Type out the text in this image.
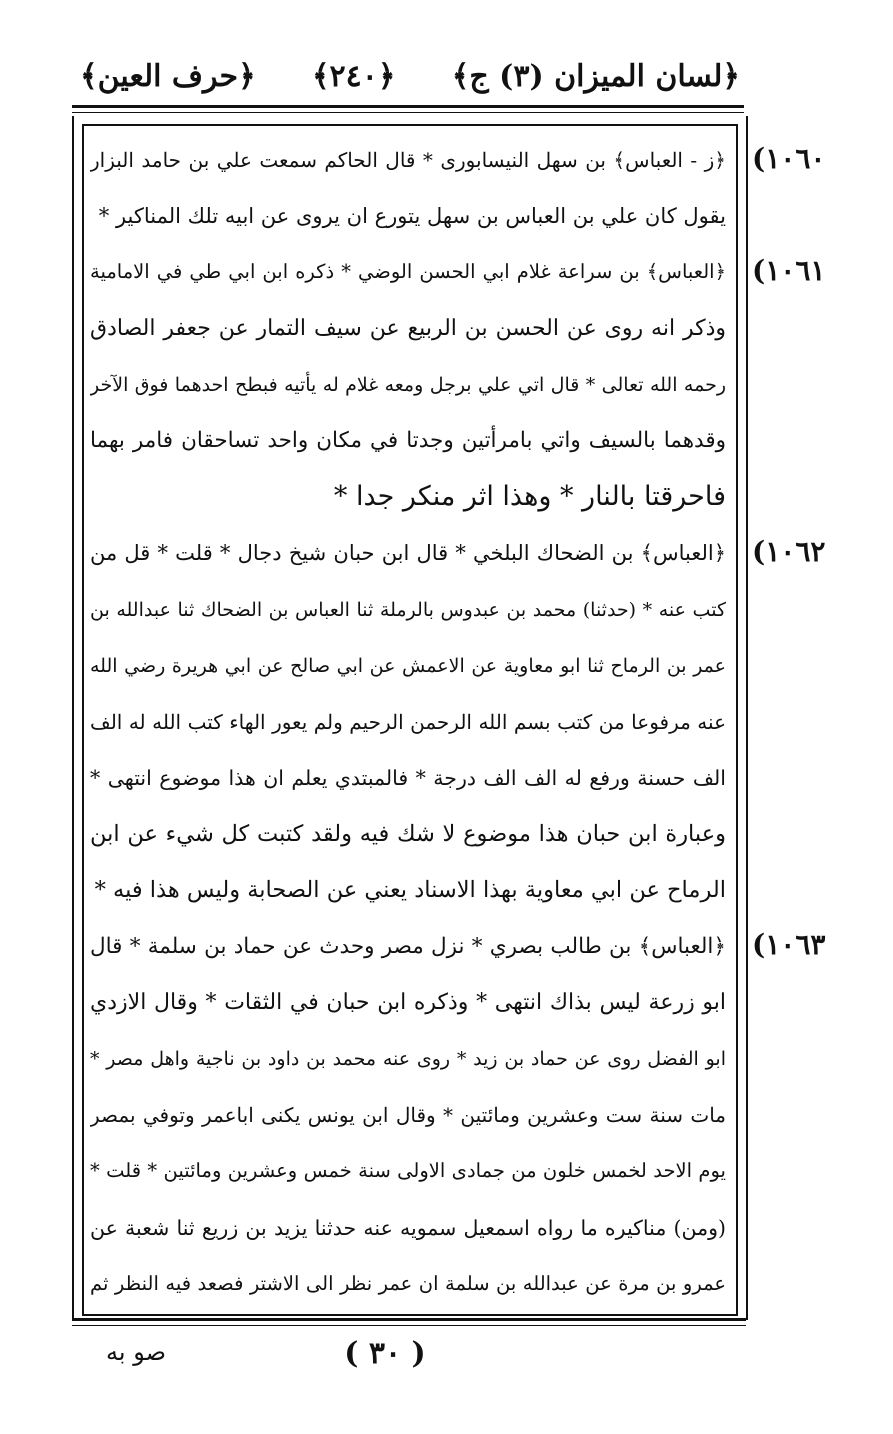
﴿لسان الميزان (٣) ج﴾
﴿٢٤٠﴾
﴿حرف العين﴾
(١٠٦٠
(١٠٦١
(١٠٦٢
(١٠٦٣
﴿ز - العباس﴾ بن سهل النيسابورى * قال الحاكم سمعت علي بن حامد البزار
يقول كان علي بن العباس بن سهل يتورع ان يروى عن ابيه تلك المناكير *
﴿العباس﴾ بن سراعة غلام ابي الحسن الوضي * ذكره ابن ابي طي في الامامية
وذكر انه روى عن الحسن بن الربيع عن سيف التمار عن جعفر الصادق
رحمه الله تعالى * قال اتي علي برجل ومعه غلام له يأتيه فبطح احدهما فوق الآخر
وقدهما بالسيف واتي بامرأتين وجدتا في مكان واحد تساحقان فامر بهما
فاحرقتا بالنار * وهذا اثر منكر جدا *
﴿العباس﴾ بن الضحاك البلخي * قال ابن حبان شيخ دجال * قلت * قل من
كتب عنه * (حدثنا) محمد بن عبدوس بالرملة ثنا العباس بن الضحاك ثنا عبدالله بن
عمر بن الرماح ثنا ابو معاوية عن الاعمش عن ابي صالح عن ابي هريرة رضي الله
عنه مرفوعا من كتب بسم الله الرحمن الرحيم ولم يعور الهاء كتب الله له الف
الف حسنة ورفع له الف الف درجة * فالمبتدي يعلم ان هذا موضوع انتهى *
وعبارة ابن حبان هذا موضوع لا شك فيه ولقد كتبت كل شيء عن ابن
الرماح عن ابي معاوية بهذا الاسناد يعني عن الصحابة وليس هذا فيه *
﴿العباس﴾ بن طالب بصري * نزل مصر وحدث عن حماد بن سلمة * قال
ابو زرعة ليس بذاك انتهى * وذكره ابن حبان في الثقات * وقال الازدي
ابو الفضل روى عن حماد بن زيد * روى عنه محمد بن داود بن ناجية واهل مصر *
مات سنة ست وعشرين ومائتين * وقال ابن يونس يكنى اباعمر وتوفي بمصر
يوم الاحد لخمس خلون من جمادى الاولى سنة خمس وعشرين ومائتين * قلت *
(ومن) مناكيره ما رواه اسمعيل سمويه عنه حدثنا يزيد بن زريع ثنا شعبة عن
عمرو بن مرة عن عبدالله بن سلمة ان عمر نظر الى الاشتر فصعد فيه النظر ثم
( ٣٠ )
صو به
